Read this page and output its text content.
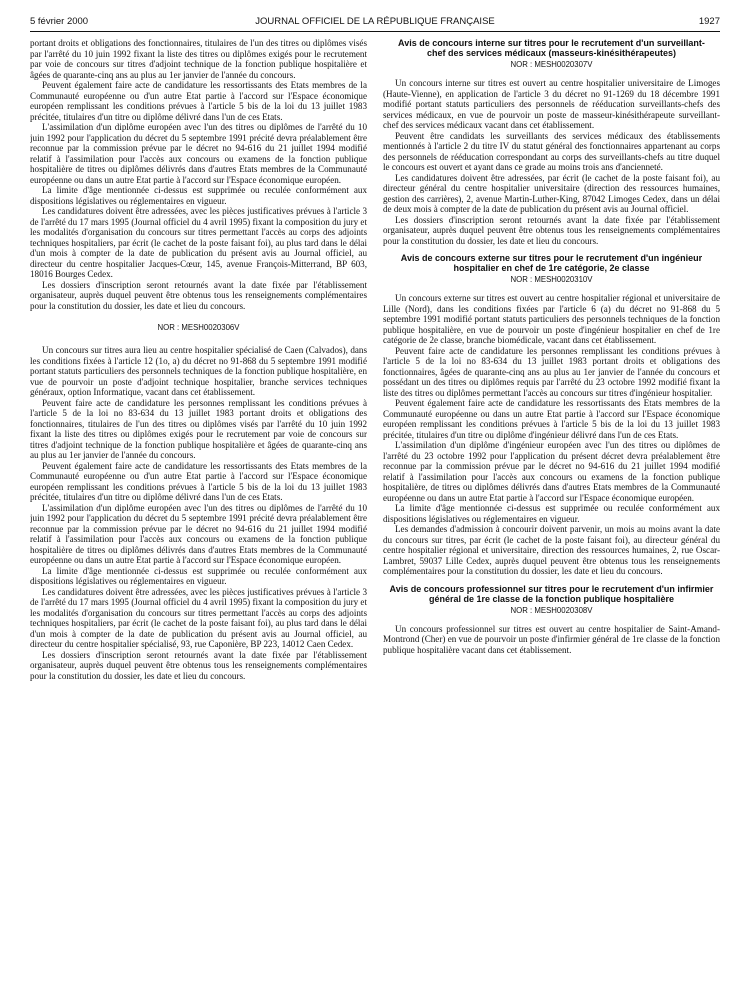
5 février 2000	JOURNAL OFFICIEL DE LA RÉPUBLIQUE FRANÇAISE	1927

portant droits et obligations des fonctionnaires, titulaires de l'un des titres ou diplômes visés par l'arrêté du 10 juin 1992 fixant la liste des titres ou diplômes exigés pour le recrutement par voie de concours sur titres d'adjoint technique de la fonction publique hospitalière et âgées de quarante-cinq ans au plus au 1er janvier de l'année du concours.

Peuvent également faire acte de candidature les ressortissants des Etats membres de la Communauté européenne ou d'un autre Etat partie à l'accord sur l'Espace économique européen remplissant les conditions prévues à l'article 5 bis de la loi du 13 juillet 1983 précitée, titulaires d'un titre ou diplôme délivré dans l'un de ces Etats.

L'assimilation d'un diplôme européen avec l'un des titres ou diplômes de l'arrêté du 10 juin 1992 pour l'application du décret du 5 septembre 1991 précité devra préalablement être reconnue par la commission prévue par le décret no 94-616 du 21 juillet 1994 modifié relatif à l'assimilation pour l'accès aux concours ou examens de la fonction publique hospitalière de titres ou diplômes délivrés dans d'autres Etats membres de la Communauté européenne ou dans un autre Etat partie à l'accord sur l'Espace économique européen.

La limite d'âge mentionnée ci-dessus est supprimée ou reculée conformément aux dispositions législatives ou réglementaires en vigueur.

Les candidatures doivent être adressées, avec les pièces justificatives prévues à l'article 3 de l'arrêté du 17 mars 1995 (Journal officiel du 4 avril 1995) fixant la composition du jury et les modalités d'organisation du concours sur titres permettant l'accès au corps des adjoints techniques hospitaliers, par écrit (le cachet de la poste faisant foi), au plus tard dans le délai d'un mois à compter de la date de publication du présent avis au Journal officiel, au directeur du centre hospitalier Jacques-Cœur, 145, avenue François-Mitterrand, BP 603, 18016 Bourges Cedex.

Les dossiers d'inscription seront retournés avant la date fixée par l'établissement organisateur, auprès duquel peuvent être obtenus tous les renseignements complémentaires pour la constitution du dossier, les date et lieu du concours.

NOR : MESH0020306V

Un concours sur titres aura lieu au centre hospitalier spécialisé de Caen (Calvados), dans les conditions fixées à l'article 12 (1o, a) du décret no 91-868 du 5 septembre 1991 modifié portant statuts particuliers des personnels techniques de la fonction publique hospitalière, en vue de pourvoir un poste d'adjoint technique hospitalier, branche services techniques généraux, option Informatique, vacant dans cet établissement.

Peuvent faire acte de candidature les personnes remplissant les conditions prévues à l'article 5 de la loi no 83-634 du 13 juillet 1983 portant droits et obligations des fonctionnaires, titulaires de l'un des titres ou diplômes visés par l'arrêté du 10 juin 1992 fixant la liste des titres ou diplômes exigés pour le recrutement par voie de concours sur titres d'adjoint technique de la fonction publique hospitalière et âgées de quarante-cinq ans au plus au 1er janvier de l'année du concours.

Peuvent également faire acte de candidature les ressortissants des Etats membres de la Communauté européenne ou d'un autre Etat partie à l'accord sur l'Espace économique européen remplissant les conditions prévues à l'article 5 bis de la loi du 13 juillet 1983 précitée, titulaires d'un titre ou diplôme délivré dans l'un de ces Etats.

L'assimilation d'un diplôme européen avec l'un des titres ou diplômes de l'arrêté du 10 juin 1992 pour l'application du décret du 5 septembre 1991 précité devra préalablement être reconnue par la commission prévue par le décret no 94-616 du 21 juillet 1994 modifié relatif à l'assimilation pour l'accès aux concours ou examens de la fonction publique hospitalière de titres ou diplômes délivrés dans d'autres Etats membres de la Communauté européenne ou dans un autre Etat partie à l'accord sur l'Espace économique européen.

La limite d'âge mentionnée ci-dessus est supprimée ou reculée conformément aux dispositions législatives ou réglementaires en vigueur.

Les candidatures doivent être adressées, avec les pièces justificatives prévues à l'article 3 de l'arrêté du 17 mars 1995 (Journal officiel du 4 avril 1995) fixant la composition du jury et les modalités d'organisation du concours sur titres permettant l'accès au corps des adjoints techniques hospitaliers, par écrit (le cachet de la poste faisant foi), au plus tard dans le délai d'un mois à compter de la date de publication du présent avis au Journal officiel, au directeur du centre hospitalier spécialisé, 93, rue Caponière, BP 223, 14012 Caen Cedex.

Les dossiers d'inscription seront retournés avant la date fixée par l'établissement organisateur, auprès duquel peuvent être obtenus tous les renseignements complémentaires pour la constitution du dossier, les date et lieu du concours.

Avis de concours interne sur titres pour le recrutement d'un surveillant-chef des services médicaux (masseurs-kinésithérapeutes)
NOR : MESH0020307V

Un concours interne sur titres est ouvert au centre hospitalier universitaire de Limoges (Haute-Vienne), en application de l'article 3 du décret no 91-1269 du 18 décembre 1991 modifié portant statuts particuliers des personnels de rééducation surveillants-chefs des services médicaux, en vue de pourvoir un poste de masseur-kinésithérapeute surveillant-chef des services médicaux vacant dans cet établissement.

Peuvent être candidats les surveillants des services médicaux des établissements mentionnés à l'article 2 du titre IV du statut général des fonctionnaires appartenant au corps des personnels de rééducation correspondant au corps des surveillants-chefs au titre duquel le concours est ouvert et ayant dans ce grade au moins trois ans d'ancienneté.

Les candidatures doivent être adressées, par écrit (le cachet de la poste faisant foi), au directeur général du centre hospitalier universitaire (direction des ressources humaines, gestion des carrières), 2, avenue Martin-Luther-King, 87042 Limoges Cedex, dans un délai de deux mois à compter de la date de publication du présent avis au Journal officiel.

Les dossiers d'inscription seront retournés avant la date fixée par l'établissement organisateur, auprès duquel peuvent être obtenus tous les renseignements complémentaires pour la constitution du dossier, les date et lieu du concours.

Avis de concours externe sur titres pour le recrutement d'un ingénieur hospitalier en chef de 1re catégorie, 2e classe
NOR : MESH0020310V

Un concours externe sur titres est ouvert au centre hospitalier régional et universitaire de Lille (Nord), dans les conditions fixées par l'article 6 (a) du décret no 91-868 du 5 septembre 1991 modifié portant statuts particuliers des personnels techniques de la fonction publique hospitalière, en vue de pourvoir un poste d'ingénieur hospitalier en chef de 1re catégorie de 2e classe, branche biomédicale, vacant dans cet établissement.

Peuvent faire acte de candidature les personnes remplissant les conditions prévues à l'article 5 de la loi no 83-634 du 13 juillet 1983 portant droits et obligations des fonctionnaires, âgées de quarante-cinq ans au plus au 1er janvier de l'année du concours et possédant un des titres ou diplômes requis par l'arrêté du 23 octobre 1992 modifié fixant la liste des titres ou diplômes permettant l'accès au concours sur titres d'ingénieur hospitalier.

Peuvent également faire acte de candidature les ressortissants des Etats membres de la Communauté européenne ou dans un autre Etat partie à l'accord sur l'Espace économique européen remplissant les conditions prévues à l'article 5 bis de la loi du 13 juillet 1983 précitée, titulaires d'un titre ou diplôme d'ingénieur délivré dans l'un de ces Etats.

L'assimilation d'un diplôme d'ingénieur européen avec l'un des titres ou diplômes de l'arrêté du 23 octobre 1992 pour l'application du présent décret devra préalablement être reconnue par la commission prévue par le décret no 94-616 du 21 juillet 1994 modifié relatif à l'assimilation pour l'accès aux concours ou examens de la fonction publique hospitalière, de titres ou diplômes délivrés dans d'autres Etats membres de la Communauté européenne ou dans un autre Etat partie à l'accord sur l'Espace économique européen.

La limite d'âge mentionnée ci-dessus est supprimée ou reculée conformément aux dispositions législatives ou réglementaires en vigueur.

Les demandes d'admission à concourir doivent parvenir, un mois au moins avant la date du concours sur titres, par écrit (le cachet de la poste faisant foi), au directeur général du centre hospitalier régional et universitaire, direction des ressources humaines, 2, rue Oscar-Lambret, 59037 Lille Cedex, auprès duquel peuvent être obtenus tous les renseignements complémentaires pour la constitution du dossier, les date et lieu du concours.

Avis de concours professionnel sur titres pour le recrutement d'un infirmier général de 1re classe de la fonction publique hospitalière
NOR : MESH0020308V

Un concours professionnel sur titres est ouvert au centre hospitalier de Saint-Amand-Montrond (Cher) en vue de pourvoir un poste d'infirmier général de 1re classe de la fonction publique hospitalière vacant dans cet établissement.
